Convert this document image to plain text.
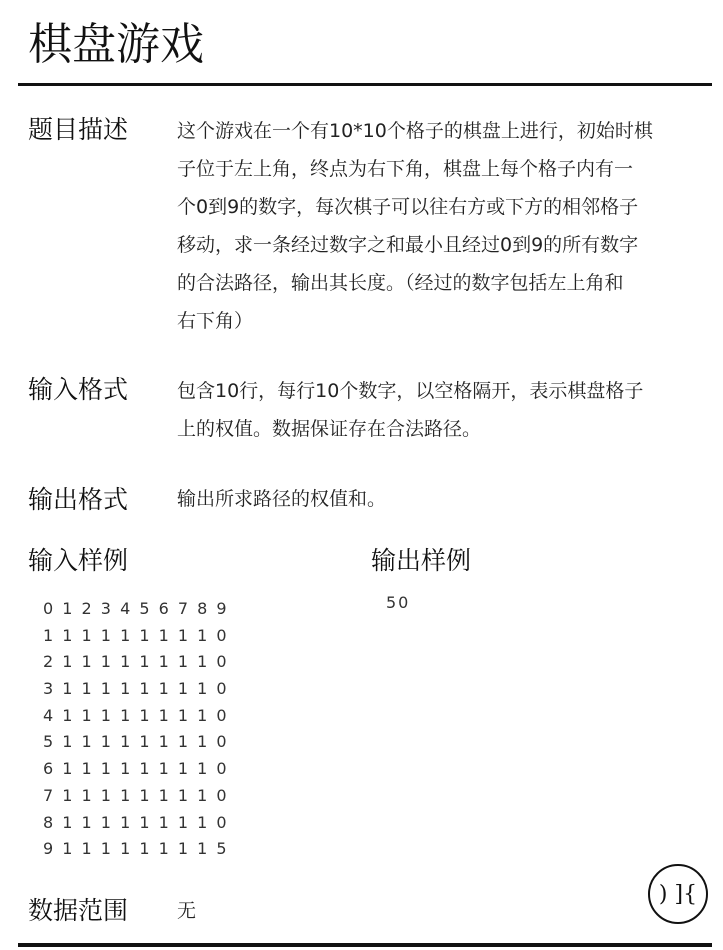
棋盘游戏
题目描述	这个游戏在一个有10*10个格子的棋盘上进行，初始时棋
子位于左上角，终点为右下角，棋盘上每个格子内有一
个0到9的数字，每次棋子可以往右方或下方的相邻格子
移动，求一条经过数字之和最小且经过0到9的所有数字
的合法路径，输出其长度。（经过的数字包括左上角和
右下角）
输入格式	包含10行，每行10个数字，以空格隔开，表示棋盘格子
上的权值。数据保证存在合法路径。
输出格式	输出所求路径的权值和。
输入样例	输出样例
0 1 2 3 4 5 6 7 8 9
1 1 1 1 1 1 1 1 1 0
2 1 1 1 1 1 1 1 1 0
3 1 1 1 1 1 1 1 1 0
4 1 1 1 1 1 1 1 1 0
5 1 1 1 1 1 1 1 1 0
6 1 1 1 1 1 1 1 1 0
7 1 1 1 1 1 1 1 1 0
8 1 1 1 1 1 1 1 1 0
9 1 1 1 1 1 1 1 1 5
50
数据范围	无
) ]{
